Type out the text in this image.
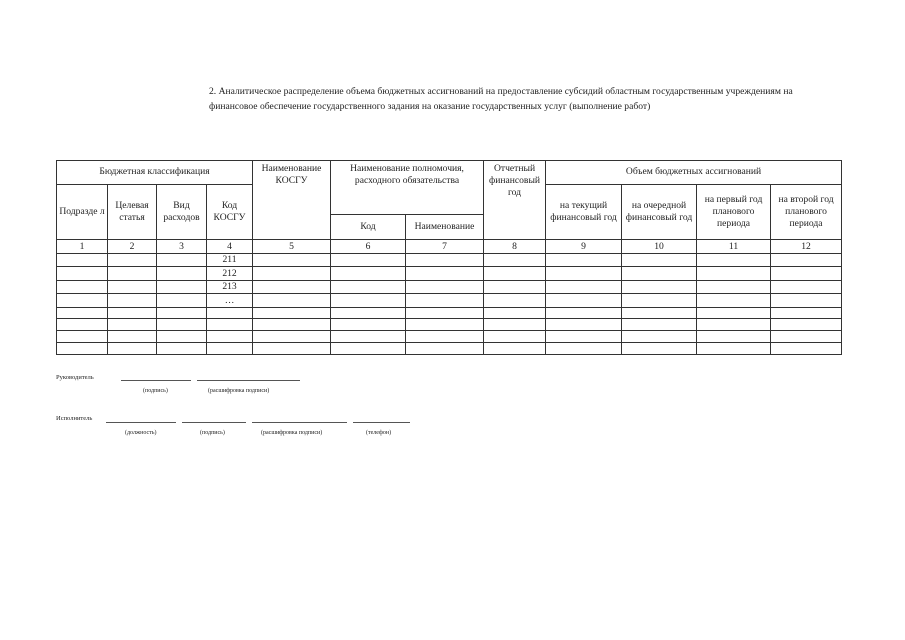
2. Аналитическое распределение объема бюджетных ассигнований на предоставление субсидий областным государственным учреждениям на финансовое обеспечение государственного задания на оказание государственных услуг (выполнение работ)
Бюджетная классификация				Наименование КОСГУ	Наименование полномочия, расходного обязательства		Отчетный финансовый год	Объем бюджетных ассигнований			
Подразде л	Целевая статья	Вид расходов	Код КОСГУ					на текущий финансовый год	на очередной финансовый год	на первый год планового периода	на второй год планового периода
					Код	Наименование					
1	2	3	4	5	6	7	8	9	10	11	12
			211								
			212								
			213								
			…								

Руководитель
(подпись)	(расшифровка подписи)
Исполнитель
(должность)	(подпись)	(расшифровка подписи)	(телефон)
